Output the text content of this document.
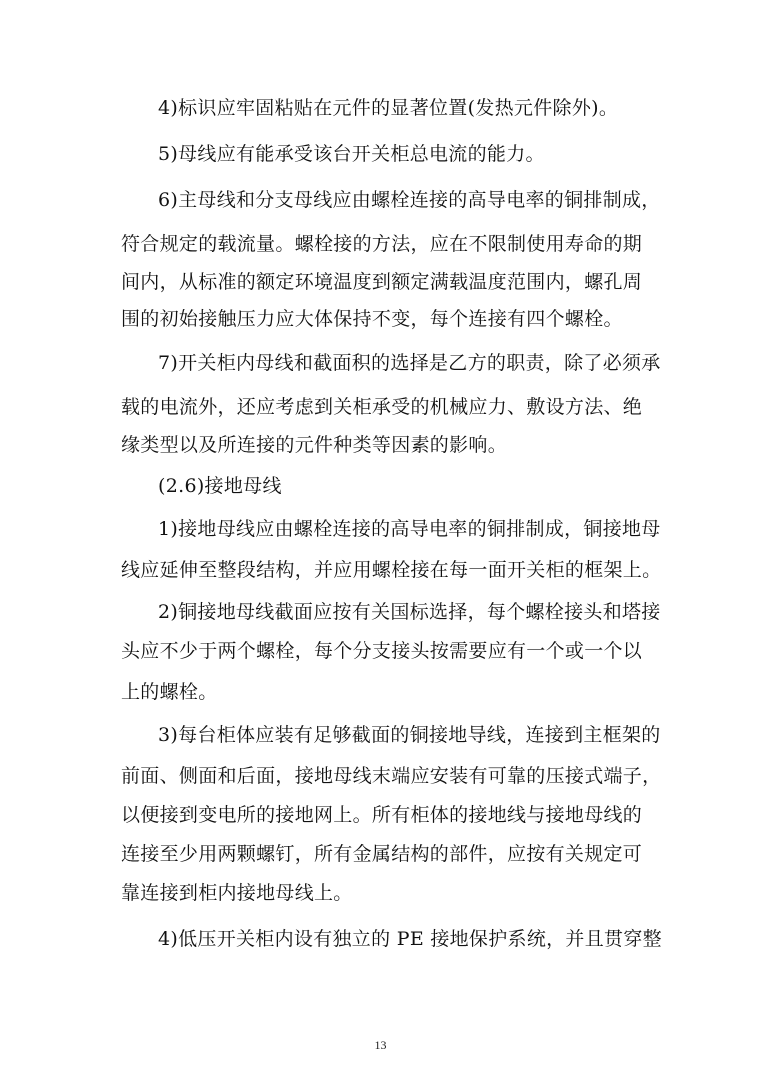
4)标识应牢固粘贴在元件的显著位置(发热元件除外)。
5)母线应有能承受该台开关柜总电流的能力。
6)主母线和分支母线应由螺栓连接的高导电率的铜排制成，
符合规定的载流量。螺栓接的方法，应在不限制使用寿命的期
间内，从标准的额定环境温度到额定满载温度范围内，螺孔周
围的初始接触压力应大体保持不变，每个连接有四个螺栓。
7)开关柜内母线和截面积的选择是乙方的职责，除了必须承
载的电流外，还应考虑到关柜承受的机械应力、敷设方法、绝
缘类型以及所连接的元件种类等因素的影响。
(2.6)接地母线
1)接地母线应由螺栓连接的高导电率的铜排制成，铜接地母
线应延伸至整段结构，并应用螺栓接在每一面开关柜的框架上。
2)铜接地母线截面应按有关国标选择，每个螺栓接头和塔接
头应不少于两个螺栓，每个分支接头按需要应有一个或一个以
上的螺栓。
3)每台柜体应装有足够截面的铜接地导线，连接到主框架的
前面、侧面和后面，接地母线末端应安装有可靠的压接式端子，
以便接到变电所的接地网上。所有柜体的接地线与接地母线的
连接至少用两颗螺钉，所有金属结构的部件，应按有关规定可
靠连接到柜内接地母线上。
4)低压开关柜内设有独立的 PE 接地保护系统，并且贯穿整
13
